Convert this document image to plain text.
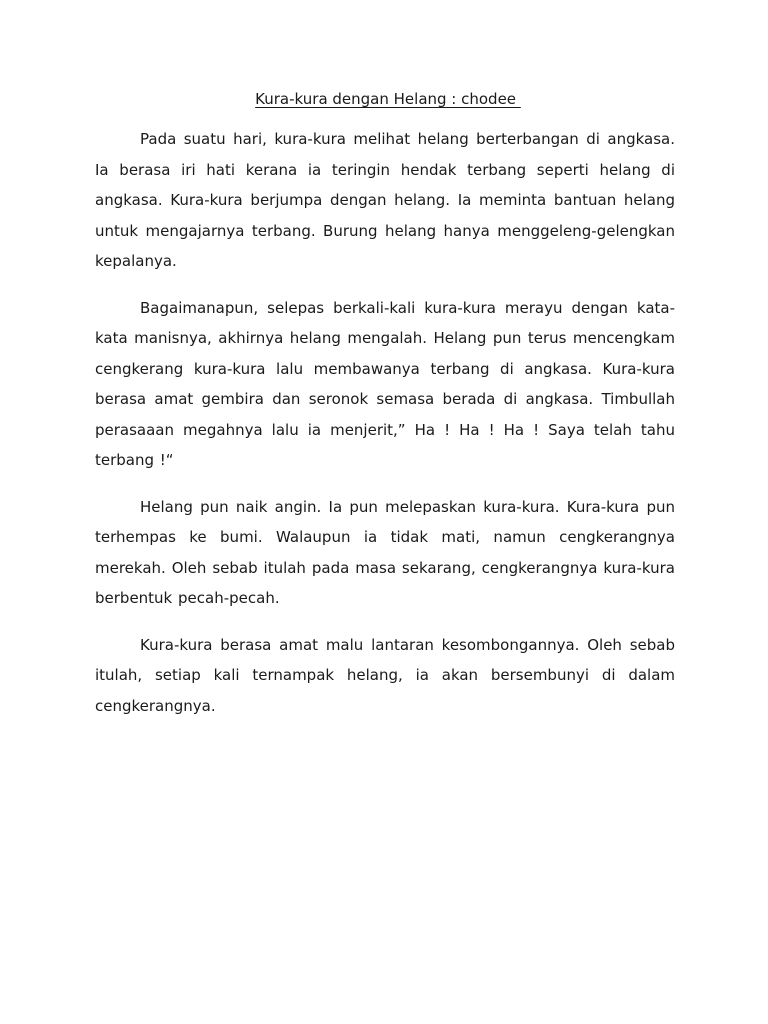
Kura-kura dengan Helang : chodee

Pada suatu hari, kura-kura melihat helang berterbangan di angkasa. Ia berasa iri hati kerana ia teringin hendak terbang seperti helang di angkasa. Kura-kura berjumpa dengan helang. Ia meminta bantuan helang untuk mengajarnya terbang. Burung helang hanya menggeleng-gelengkan kepalanya.

Bagaimanapun, selepas berkali-kali kura-kura merayu dengan kata-kata manisnya, akhirnya helang mengalah. Helang pun terus mencengkam cengkerang kura-kura lalu membawanya terbang di angkasa. Kura-kura berasa amat gembira dan seronok semasa berada di angkasa. Timbullah perasaaan megahnya lalu ia menjerit,” Ha ! Ha ! Ha ! Saya telah tahu terbang !“

Helang pun naik angin. Ia pun melepaskan kura-kura. Kura-kura pun terhempas ke bumi. Walaupun ia tidak mati, namun cengkerangnya merekah. Oleh sebab itulah pada masa sekarang, cengkerangnya kura-kura berbentuk pecah-pecah.

Kura-kura berasa amat malu lantaran kesombongannya. Oleh sebab itulah, setiap kali ternampak helang, ia akan bersembunyi di dalam cengkerangnya.
